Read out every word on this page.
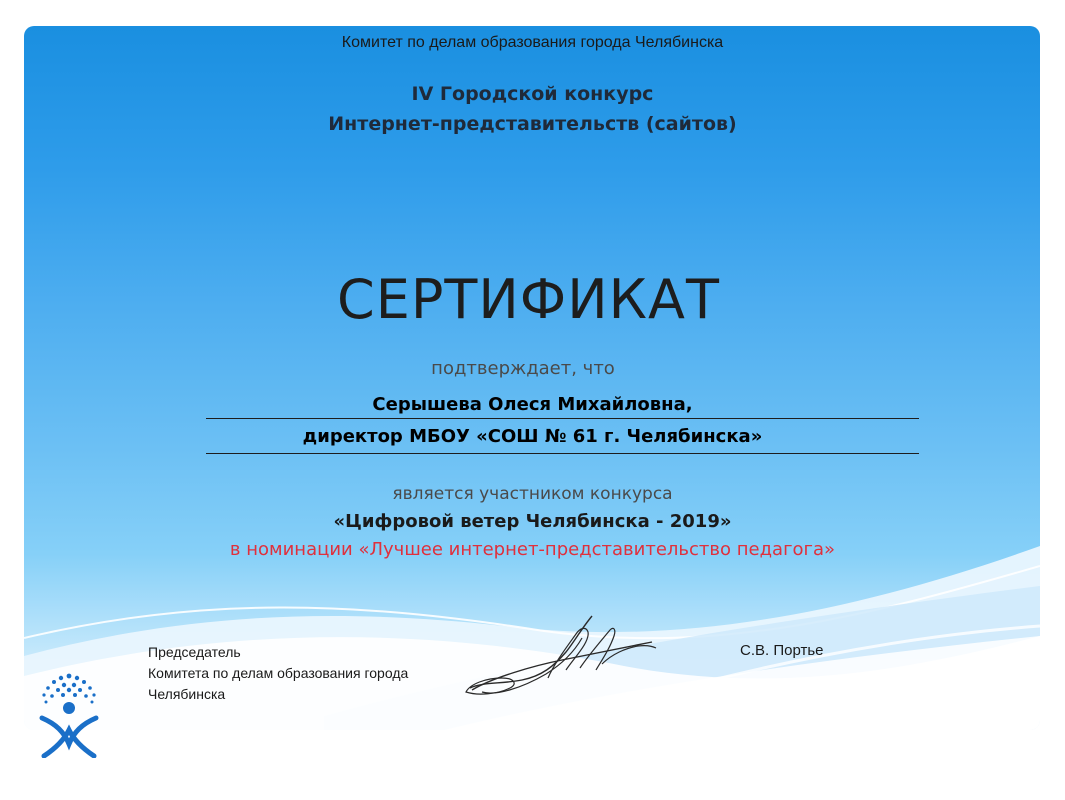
Комитет по делам образования города Челябинска

IV Городской конкурс

Интернет-представительств (сайтов)

СЕРТИФИКАТ

подтверждает, что

Серышева Олеся Михайловна,

директор МБОУ «СОШ № 61 г. Челябинска»

является участником конкурса

«Цифровой ветер Челябинска - 2019»

в номинации «Лучшее интернет-представительство педагога»

Председатель
Комитета по делам образования города
Челябинска
С.В. Портье
